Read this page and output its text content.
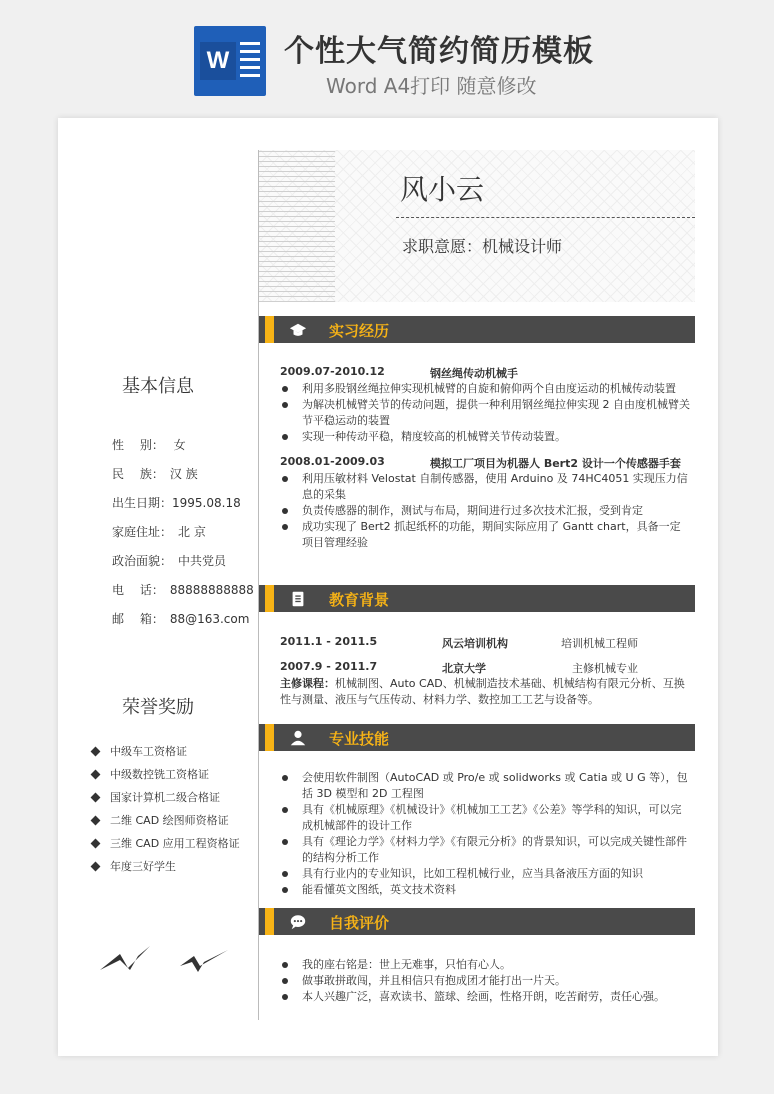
W 个性大气简约简历模板
Word A4打印 随意修改
风小云
求职意愿：机械设计师
基本信息
性　 别：　 女
民　 族：　汉 族
出生日期：1995.08.18
家庭住址：　北 京
政治面貌：　中共党员
电　 话：　88888888888
邮　 箱：　88@163.com
荣誉奖励
中级车工资格证
中级数控铣工资格证
国家计算机二级合格证
二维 CAD 绘图师资格证
三维 CAD 应用工程资格证
年度三好学生
实习经历
2009.07-2010.12	钢丝绳传动机械手
利用多股钢丝绳拉伸实现机械臂的自旋和俯仰两个自由度运动的机械传动装置
为解决机械臂关节的传动问题，提供一种利用钢丝绳拉伸实现 2 自由度机械臂关节平稳运动的装置
实现一种传动平稳，精度较高的机械臂关节传动装置。
2008.01-2009.03	模拟工厂项目为机器人 Bert2 设计一个传感器手套
利用压敏材料 Velostat 自制传感器，使用 Arduino 及 74HC4051 实现压力信息的采集
负责传感器的制作，测试与布局，期间进行过多次技术汇报，受到肯定
成功实现了 Bert2 抓起纸杯的功能，期间实际应用了 Gantt chart，具备一定项目管理经验
教育背景
2011.1 - 2011.5	风云培训机构	培训机械工程师
2007.9 - 2011.7	北京大学	主修机械专业
主修课程：机械制图、Auto CAD、机械制造技术基础、机械结构有限元分析、互换性与测量、液压与气压传动、材料力学、数控加工工艺与设备等。
专业技能
会使用软件制图（AutoCAD 或 Pro/e 或 solidworks 或 Catia 或 U G 等），包括 3D 模型和 2D 工程图
具有《机械原理》《机械设计》《机械加工工艺》《公差》等学科的知识，可以完成机械部件的设计工作
具有《理论力学》《材料力学》《有限元分析》的背景知识，可以完成关键性部件的结构分析工作
具有行业内的专业知识，比如工程机械行业，应当具备液压方面的知识
能看懂英文图纸，英文技术资料
自我评价
我的座右铭是：世上无难事，只怕有心人。
做事敢拼敢闯，并且相信只有抱成团才能打出一片天。
本人兴趣广泛，喜欢读书、篮球、绘画，性格开朗，吃苦耐劳，责任心强。
